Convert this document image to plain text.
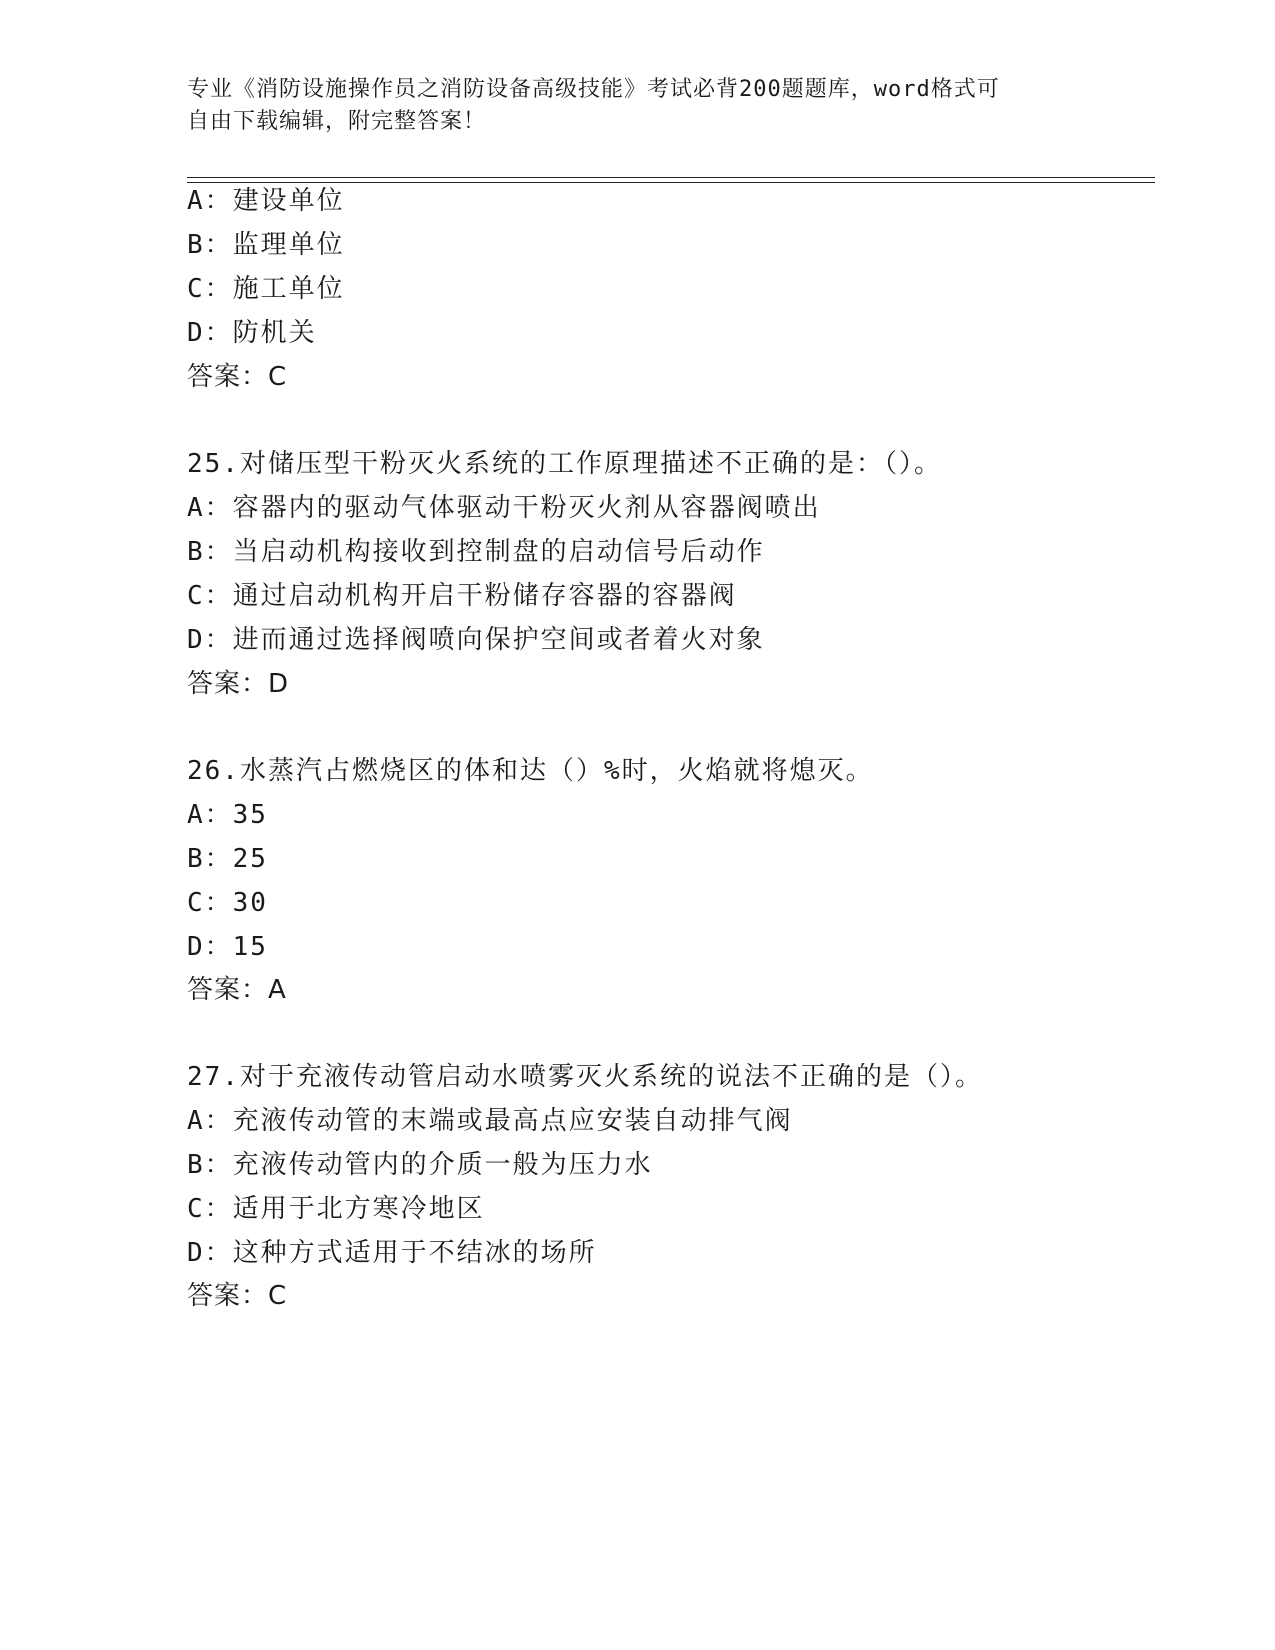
专业《消防设施操作员之消防设备高级技能》考试必背200题题库，word格式可
自由下载编辑，附完整答案！
A：建设单位
B：监理单位
C：施工单位
D：防机关
答案：C
25.对储压型干粉灭火系统的工作原理描述不正确的是：（）。
A：容器内的驱动气体驱动干粉灭火剂从容器阀喷出
B：当启动机构接收到控制盘的启动信号后动作
C：通过启动机构开启干粉储存容器的容器阀
D：进而通过选择阀喷向保护空间或者着火对象
答案：D
26.水蒸汽占燃烧区的体和达（）%时，火焰就将熄灭。
A：35
B：25
C：30
D：15
答案：A
27.对于充液传动管启动水喷雾灭火系统的说法不正确的是（）。
A：充液传动管的末端或最高点应安装自动排气阀
B：充液传动管内的介质一般为压力水
C：适用于北方寒冷地区
D：这种方式适用于不结冰的场所
答案：C
